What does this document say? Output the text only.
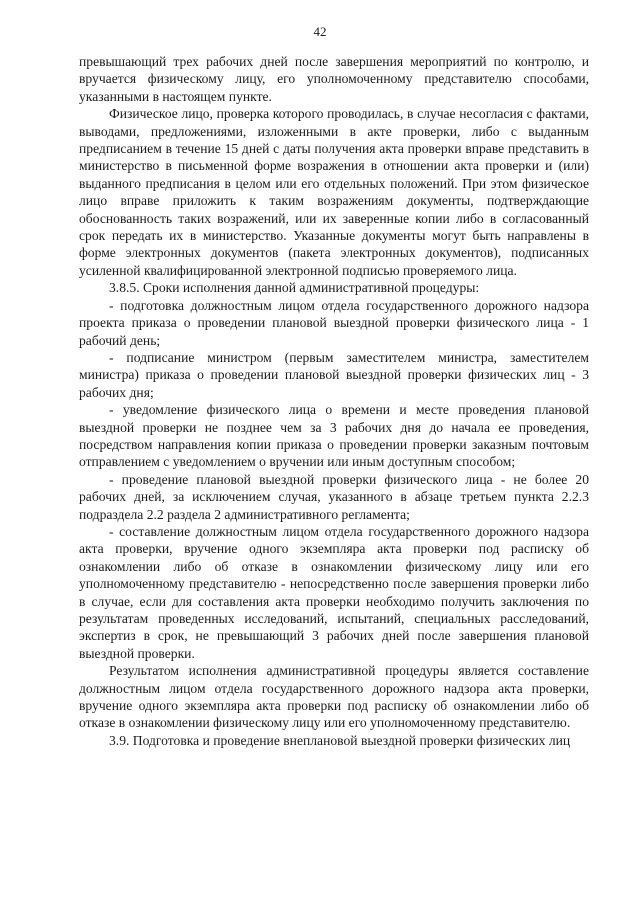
42

превышающий трех рабочих дней после завершения мероприятий по контролю, и вручается физическому лицу, его уполномоченному представителю способами, указанными в настоящем пункте.

Физическое лицо, проверка которого проводилась, в случае несогласия с фактами, выводами, предложениями, изложенными в акте проверки, либо с выданным предписанием в течение 15 дней с даты получения акта проверки вправе представить в министерство в письменной форме возражения в отношении акта проверки и (или) выданного предписания в целом или его отдельных положений. При этом физическое лицо вправе приложить к таким возражениям документы, подтверждающие обоснованность таких возражений, или их заверенные копии либо в согласованный срок передать их в министерство. Указанные документы могут быть направлены в форме электронных документов (пакета электронных документов), подписанных усиленной квалифицированной электронной подписью проверяемого лица.

3.8.5. Сроки исполнения данной административной процедуры:

- подготовка должностным лицом отдела государственного дорожного надзора проекта приказа о проведении плановой выездной проверки физического лица - 1 рабочий день;

- подписание министром (первым заместителем министра, заместителем министра) приказа о проведении плановой выездной проверки физических лиц - 3 рабочих дня;

- уведомление физического лица о времени и месте проведения плановой выездной проверки не позднее чем за 3 рабочих дня до начала ее проведения, посредством направления копии приказа о проведении проверки заказным почтовым отправлением с уведомлением о вручении или иным доступным способом;

- проведение плановой выездной проверки физического лица - не более 20 рабочих дней, за исключением случая, указанного в абзаце третьем пункта 2.2.3 подраздела 2.2 раздела 2 административного регламента;

- составление должностным лицом отдела государственного дорожного надзора акта проверки, вручение одного экземпляра акта проверки под расписку об ознакомлении либо об отказе в ознакомлении физическому лицу или его уполномоченному представителю - непосредственно после завершения проверки либо в случае, если для составления акта проверки необходимо получить заключения по результатам проведенных исследований, испытаний, специальных расследований, экспертиз в срок, не превышающий 3 рабочих дней после завершения плановой выездной проверки.

Результатом исполнения административной процедуры является составление должностным лицом отдела государственного дорожного надзора акта проверки, вручение одного экземпляра акта проверки под расписку об ознакомлении либо об отказе в ознакомлении физическому лицу или его уполномоченному представителю.

3.9. Подготовка и проведение внеплановой выездной проверки физических лиц
